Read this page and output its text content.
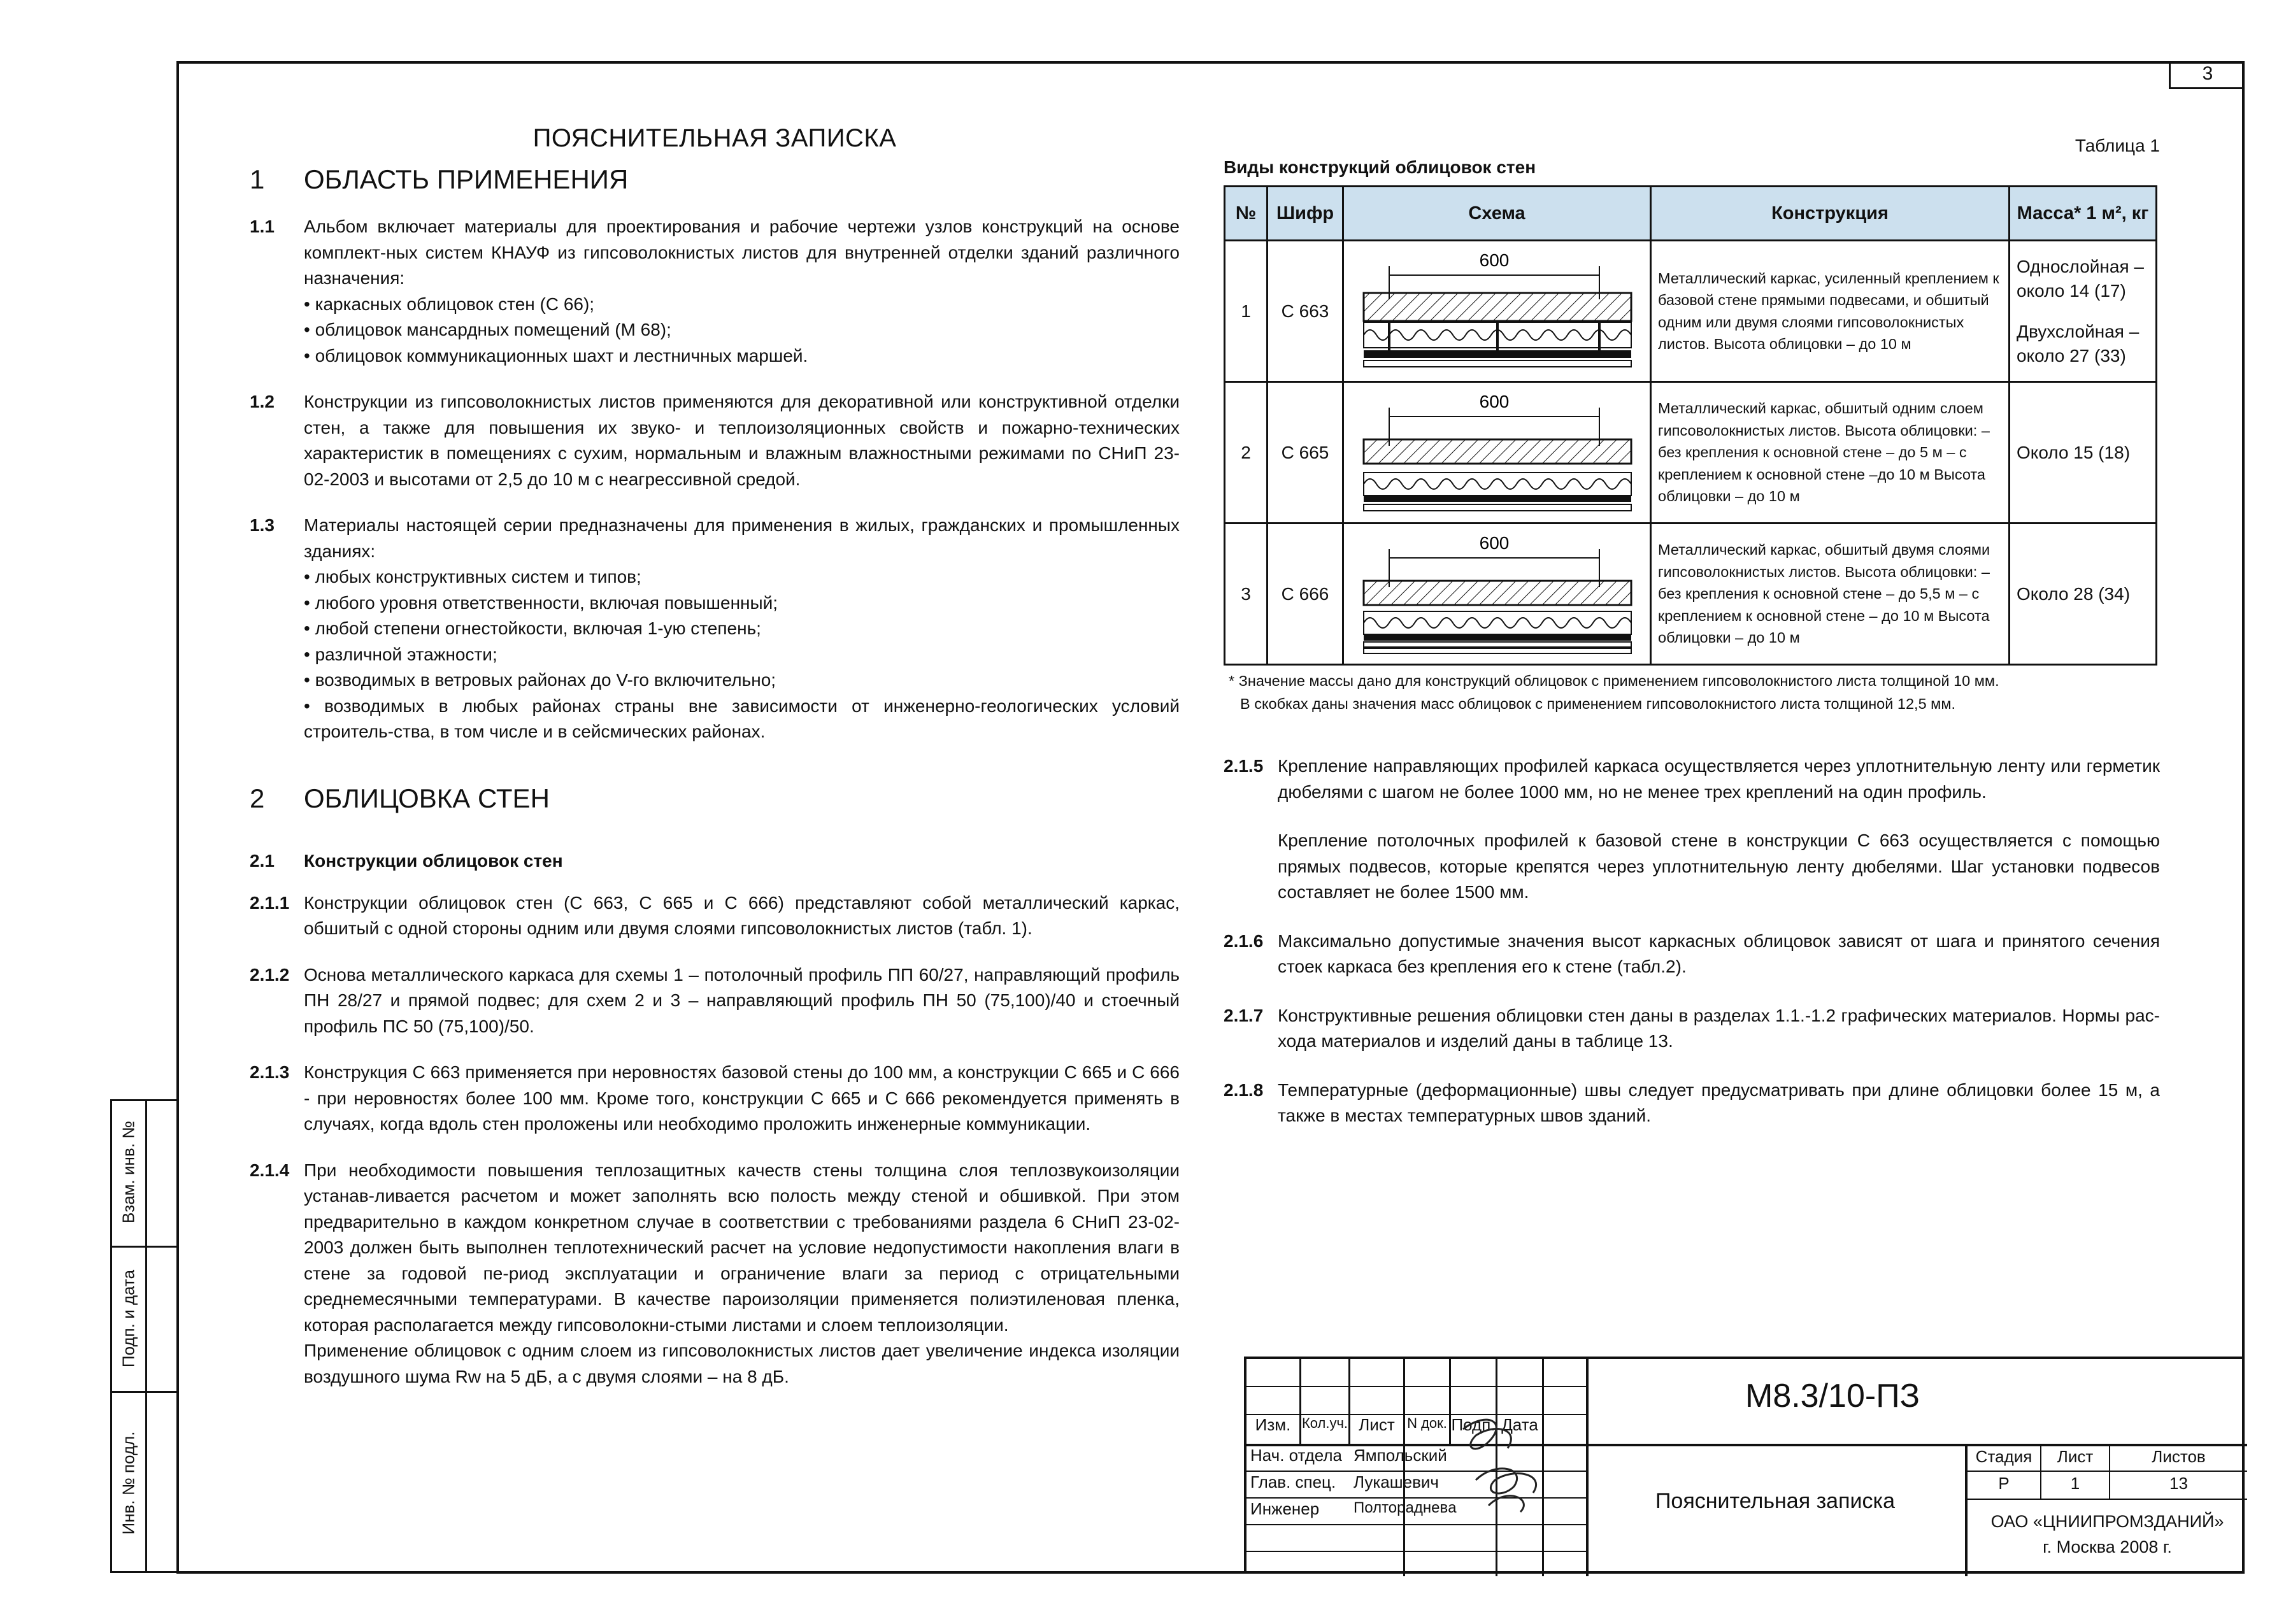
3
ПОЯСНИТЕЛЬНАЯ ЗАПИСКА
1	ОБЛАСТЬ ПРИМЕНЕНИЯ
1.1	Альбом включает материалы для проектирования и рабочие чертежи узлов конструкций на основе комплект-ных систем КНАУФ из гипсоволокнистых листов для внутренней отделки зданий различного назначения:

• каркасных облицовок стен (С 66);

• облицовок мансардных помещений (М 68);

• облицовок коммуникационных шахт и лестничных маршей.

1.2	Конструкции из гипсоволокнистых листов применяются для декоративной или конструктивной отделки стен, а также для повышения их звуко- и теплоизоляционных свойств и пожарно-технических характеристик в помещениях с сухим, нормальным и влажным влажностными режимами по СНиП 23-02-2003 и высотами от 2,5 до 10 м с неагрессивной средой.

1.3	Материалы настоящей серии предназначены для применения в жилых, гражданских и промышленных зданиях:

• любых конструктивных систем и типов;

• любого уровня ответственности, включая повышенный;

• любой степени огнестойкости, включая 1-ую степень;

• различной этажности;

• возводимых в ветровых районах до V-го включительно;

• возводимых в любых районах страны вне зависимости от инженерно-геологических условий строитель-ства, в том числе и в сейсмических районах.

2	ОБЛИЦОВКА СТЕН
2.1	Конструкции облицовок стен
2.1.1 Конструкции облицовок стен (С 663, С 665 и С 666) представляют собой металлический каркас, обшитый с одной стороны одним или двумя слоями гипсоволокнистых листов (табл. 1).

2.1.2 Основа металлического каркаса для схемы 1 – потолочный профиль ПП 60/27, направляющий профиль ПН 28/27 и прямой подвес; для схем 2 и 3 – направляющий профиль ПН 50 (75,100)/40 и стоечный профиль ПС 50 (75,100)/50.

2.1.3 Конструкция С 663 применяется при неровностях базовой стены до 100 мм, а конструкции С 665 и С 666 - при неровностях более 100 мм. Кроме того, конструкции С 665 и С 666 рекомендуется применять в случаях, когда вдоль стен проложены или необходимо проложить инженерные коммуникации.

2.1.4 При необходимости повышения теплозащитных качеств стены толщина слоя теплозвукоизоляции устанав-ливается расчетом и может заполнять всю полость между стеной и обшивкой. При этом предварительно в каждом конкретном случае в соответствии с требованиями раздела 6 СНиП 23-02-2003 должен быть выполнен теплотехнический расчет на условие недопустимости накопления влаги в стене за годовой пе-риод эксплуатации и ограничение влаги за период с отрицательными среднемесячными температурами. В качестве пароизоляции применяется полиэтиленовая пленка, которая располагается между гипсоволокни-стыми листами и слоем теплоизоляции.

Применение облицовок с одним слоем из гипсоволокнистых листов дает увеличение индекса изоляции воздушного шума Rw на 5 дБ, а с двумя слоями – на 8 дБ.

Таблица 1
Виды конструкций облицовок стен
№	Шифр	Схема	Конструкция	Масса* 1 м², кг
1	С 663	600	Металлический каркас, усиленный креплением к базовой стене прямыми подвесами, и обшитый одним или двумя слоями гипсоволокнистых листов. Высота облицовки – до 10 м	Однослойная – около 14 (17)
Двухслойная – около 27 (33)

2	С 665	600	Металлический каркас, обшитый одним слоем гипсоволокнистых листов. Высота облицовки: – без крепления к основной стене – до 5 м – с креплением к основной стене –до 10 м Высота облицовки – до 10 м	Около 15 (18)
3	С 666	600	Металлический каркас, обшитый двумя слоями гипсоволокнистых листов. Высота облицовки: – без крепления к основной стене – до 5,5 м – с креплением к основной стене – до 10 м Высота облицовки – до 10 м	Около 28 (34)
* Значение массы дано для конструкций облицовок с применением гипсоволокнистого листа толщиной 10 мм.
В скобках даны значения масс облицовок с применением гипсоволокнистого листа толщиной 12,5 мм.
2.1.5 Крепление направляющих профилей каркаса осуществляется через уплотнительную ленту или герметик дюбелями с шагом не более 1000 мм, но не менее трех креплений на один профиль.

Крепление потолочных профилей к базовой стене в конструкции С 663 осуществляется с помощью прямых подвесов, которые крепятся через уплотнительную ленту дюбелями. Шаг установки подвесов составляет не более 1500 мм.

2.1.6 Максимально допустимые значения высот каркасных облицовок зависят от шага и принятого сечения стоек каркаса без крепления его к стене (табл.2).

2.1.7 Конструктивные решения облицовки стен даны в разделах 1.1.-1.2 графических материалов. Нормы рас-хода материалов и изделий даны в таблице 13.

2.1.8 Температурные (деформационные) швы следует предусматривать при длине облицовки более 15 м, а также в местах температурных швов зданий.

Взам. инв. №
Подп. и дата
Инв. № подл.
Изм. Кол.уч. Лист N док. Подп. Дата
Нач. отдела Ямпольский
Глав. спец. Лукашевич
Инженер Полторадневa
М8.3/10-ПЗ
Пояснительная записка
Стадия	Лист	Листов
Р	1	13
ОАО «ЦНИИПРОМЗДАНИЙ»
г. Москва 2008 г.
